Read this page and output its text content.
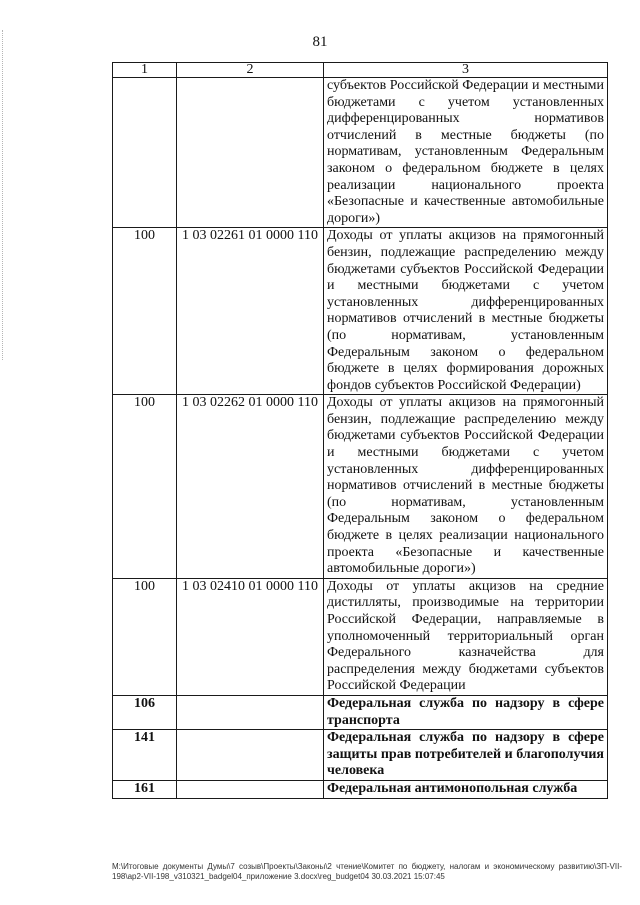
81
1	2	3
		субъектов Российской Федерации и местными бюджетами с учетом установленных дифференцированных нормативов отчислений в местные бюджеты (по нормативам, установленным Федеральным законом о федеральном бюджете в целях реализации национального проекта «Безопасные и качественные автомобильные дороги»)
100	1 03 02261 01 0000 110	Доходы от уплаты акцизов на прямогонный бензин, подлежащие распределению между бюджетами субъектов Российской Федерации и местными бюджетами с учетом установленных дифференцированных нормативов отчислений в местные бюджеты (по нормативам, установленным Федеральным законом о федеральном бюджете в целях формирования дорожных фондов субъектов Российской Федерации)
100	1 03 02262 01 0000 110	Доходы от уплаты акцизов на прямогонный бензин, подлежащие распределению между бюджетами субъектов Российской Федерации и местными бюджетами с учетом установленных дифференцированных нормативов отчислений в местные бюджеты (по нормативам, установленным Федеральным законом о федеральном бюджете в целях реализации национального проекта «Безопасные и качественные автомобильные дороги»)
100	1 03 02410 01 0000 110	Доходы от уплаты акцизов на средние дистилляты, производимые на территории Российской Федерации, направляемые в уполномоченный территориальный орган Федерального казначейства для распределения между бюджетами субъектов Российской Федерации
106		Федеральная служба по надзору в сфере транспорта
141		Федеральная служба по надзору в сфере защиты прав потребителей и благополучия человека
161		Федеральная антимонопольная служба
M:\Итоговые документы Думы\7 созыв\Проекты\Законы\2 чтение\Комитет по бюджету, налогам и экономическому развитию\ЗП-VII-198\ар2-VII-198_v310321_badgel04_приложение 3.docx\reg_budget04 30.03.2021 15:07:45
